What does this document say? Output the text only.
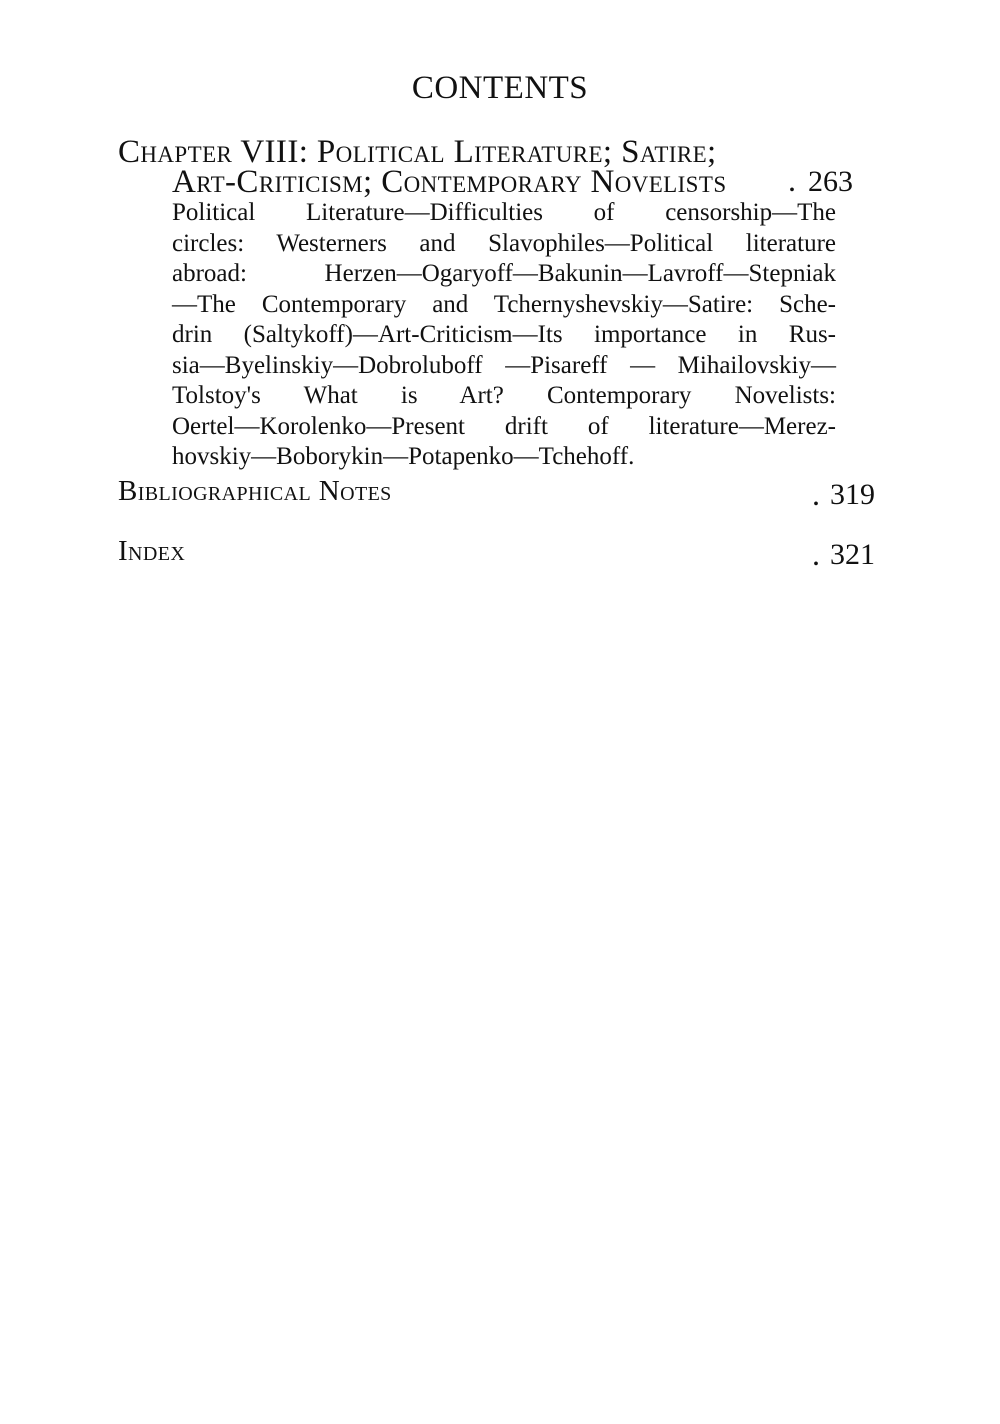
CONTENTS
Chapter VIII: Political Literature; Satire;
Art-Criticism; Contemporary Novelists . 263
Political Literature—Difficulties of censorship—The
circles: Westerners and Slavophiles—Political literature
abroad: Herzen—Ogaryoff—Bakunin—Lavroff—Stepniak
—The Contemporary and Tchernyshevskiy—Satire: Sche-
drin (Saltykoff)—Art-Criticism—Its importance in Rus-
sia—Byelinskiy—Dobroluboff —Pisareff — Mihailovskiy—
Tolstoy's What is Art? Contemporary Novelists:
Oertel—Korolenko—Present drift of literature—Merez-
hovskiy—Boborykin—Potapenko—Tchehoff.
Bibliographical Notes	. 319
Index	. 321
